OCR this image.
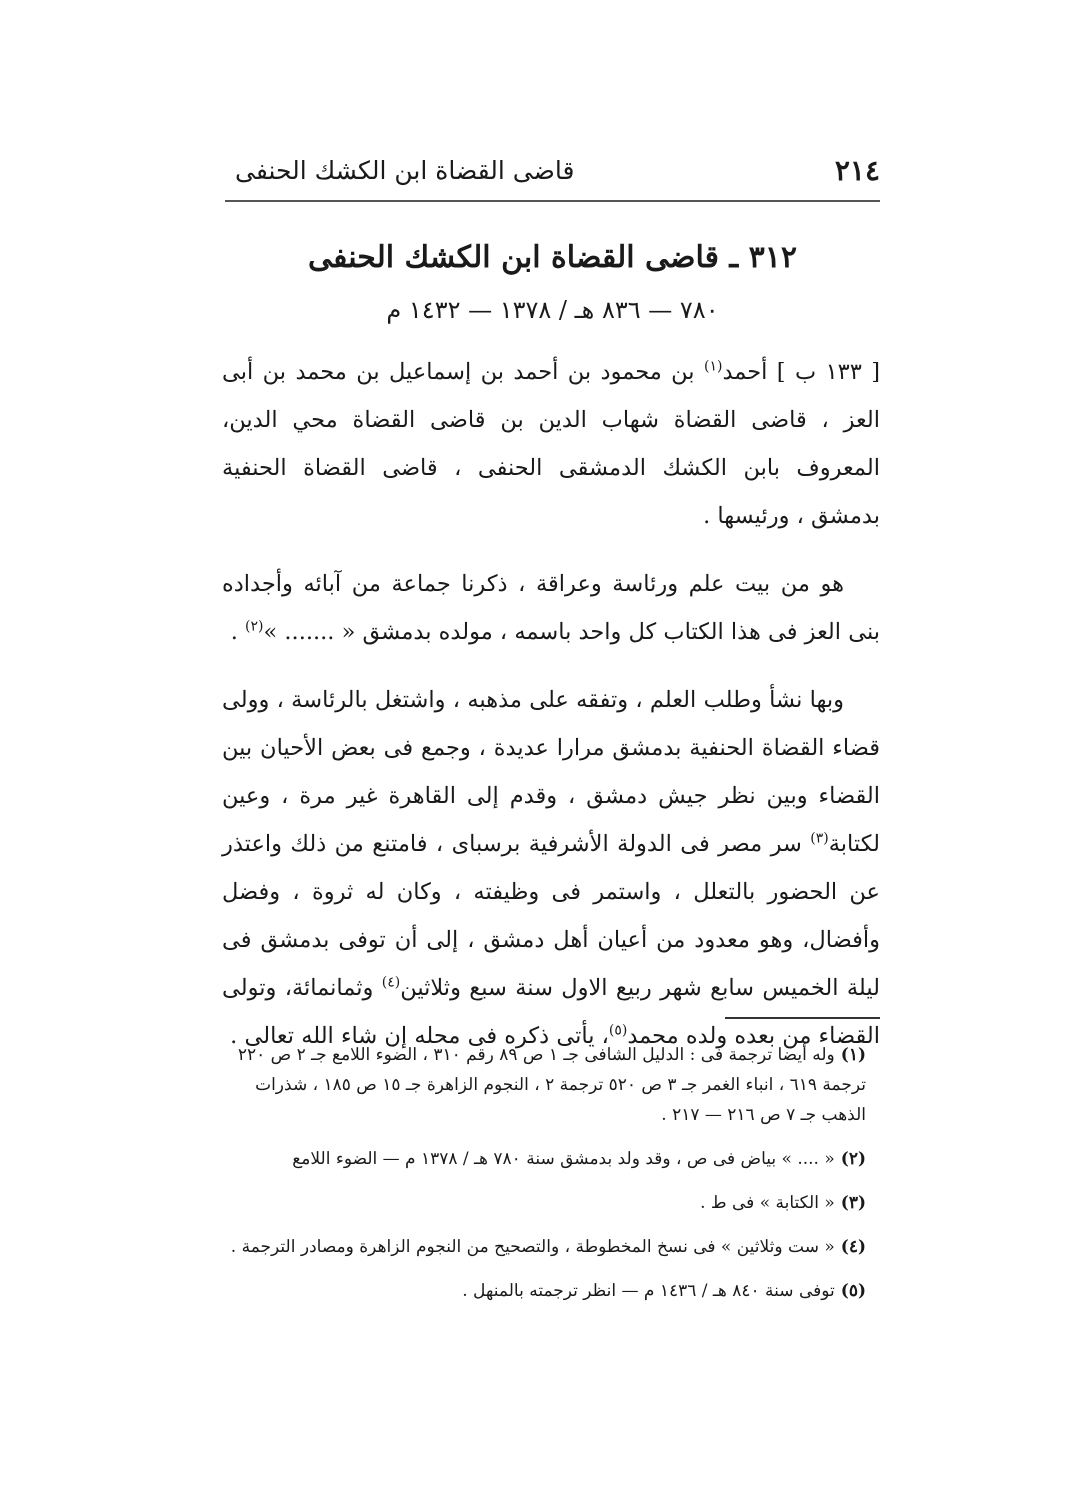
٢١٤
قاضى القضاة ابن الكشك الحنفى
٣١٢ ـ قاضى القضاة ابن الكشك الحنفى
٧٨٠ — ٨٣٦ هـ / ١٣٧٨ — ١٤٣٢ م

[ ١٣٣ ب ] أحمد$^{(١)}$ بن محمود بن أحمد بن إسماعيل بن محمد بن أبى العز ، قاضى القضاة شهاب الدين بن قاضى القضاة محي الدين، المعروف بابن الكشك الدمشقى الحنفى ، قاضى القضاة الحنفية بدمشق ، ورئيسها .

هو من بيت علم ورئاسة وعراقة ، ذكرنا جماعة من آبائه وأجداده بنى العز فى هذا الكتاب كل واحد باسمه ، مولده بدمشق « ....... »$^{(٢)}$ .

وبها نشأ وطلب العلم ، وتفقه على مذهبه ، واشتغل بالرئاسة ، وولى قضاء القضاة الحنفية بدمشق مرارا عديدة ، وجمع فى بعض الأحيان بين القضاء وبين نظر جيش دمشق ، وقدم إلى القاهرة غير مرة ، وعين لكتابة$^{(٣)}$ سر مصر فى الدولة الأشرفية برسباى ، فامتنع من ذلك واعتذر عن الحضور بالتعلل ، واستمر فى وظيفته ، وكان له ثروة ، وفضل وأفضال، وهو معدود من أعيان أهل دمشق ، إلى أن توفى بدمشق فى ليلة الخميس سابع شهر ربيع الاول سنة سبع وثلاثين$^{(٤)}$ وثمانمائة، وتولى القضاء من بعده ولده محمد$^{(٥)}$، يأتى ذكره فى محله إن شاء الله تعالى .

(١)وله أيضا ترجمة فى : الدليل الشافى جـ ١ ص ٨٩ رقم ٣١٠ ، الضوء اللامع جـ ٢ ص ٢٢٠ ترجمة ٦١٩ ، انباء الغمر جـ ٣ ص ٥٢٠ ترجمة ٢ ، النجوم الزاهرة جـ ١٥ ص ١٨٥ ، شذرات الذهب جـ ٧ ص ٢١٦ — ٢١٧ .

(٢)« .... » بياض فى ص ، وقد ولد بدمشق سنة ٧٨٠ هـ / ١٣٧٨ م — الضوء اللامع

(٣)« الكتابة » فى ط .

(٤)« ست وثلاثين » فى نسخ المخطوطة ، والتصحيح من النجوم الزاهرة ومصادر الترجمة .

(٥)توفى سنة ٨٤٠ هـ / ١٤٣٦ م — انظر ترجمته بالمنهل .
